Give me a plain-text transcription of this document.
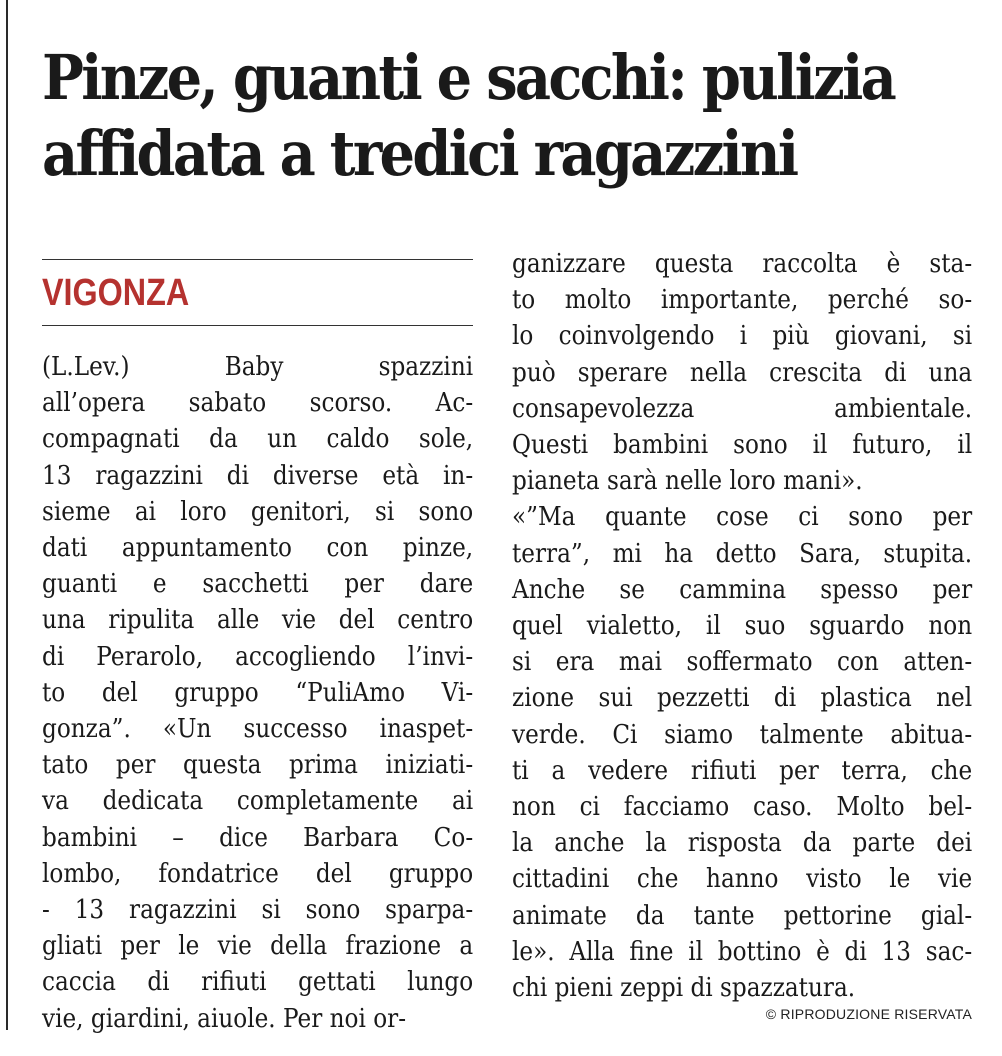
Pinze, guanti e sacchi: pulizia
affidata a tredici ragazzini
VIGONZA
(L.Lev.) Baby spazzini
all’opera sabato scorso. Ac-
compagnati da un caldo sole,
13 ragazzini di diverse età in-
sieme ai loro genitori, si sono
dati appuntamento con pinze,
guanti e sacchetti per dare
una ripulita alle vie del centro
di Perarolo, accogliendo l’invi-
to del gruppo “PuliAmo Vi-
gonza”. «Un successo inaspet-
tato per questa prima iniziati-
va dedicata completamente ai
bambini – dice Barbara Co-
lombo, fondatrice del gruppo
- 13 ragazzini si sono sparpa-
gliati per le vie della frazione a
caccia di rifiuti gettati lungo
vie, giardini, aiuole. Per noi or-
ganizzare questa raccolta è sta-
to molto importante, perché so-
lo coinvolgendo i più giovani, si
può sperare nella crescita di una
consapevolezza ambientale.
Questi bambini sono il futuro, il
pianeta sarà nelle loro mani».
«”Ma quante cose ci sono per
terra”, mi ha detto Sara, stupita.
Anche se cammina spesso per
quel vialetto, il suo sguardo non
si era mai soffermato con atten-
zione sui pezzetti di plastica nel
verde. Ci siamo talmente abitua-
ti a vedere rifiuti per terra, che
non ci facciamo caso. Molto bel-
la anche la risposta da parte dei
cittadini che hanno visto le vie
animate da tante pettorine gial-
le». Alla fine il bottino è di 13 sac-
chi pieni zeppi di spazzatura.
© RIPRODUZIONE RISERVATA
